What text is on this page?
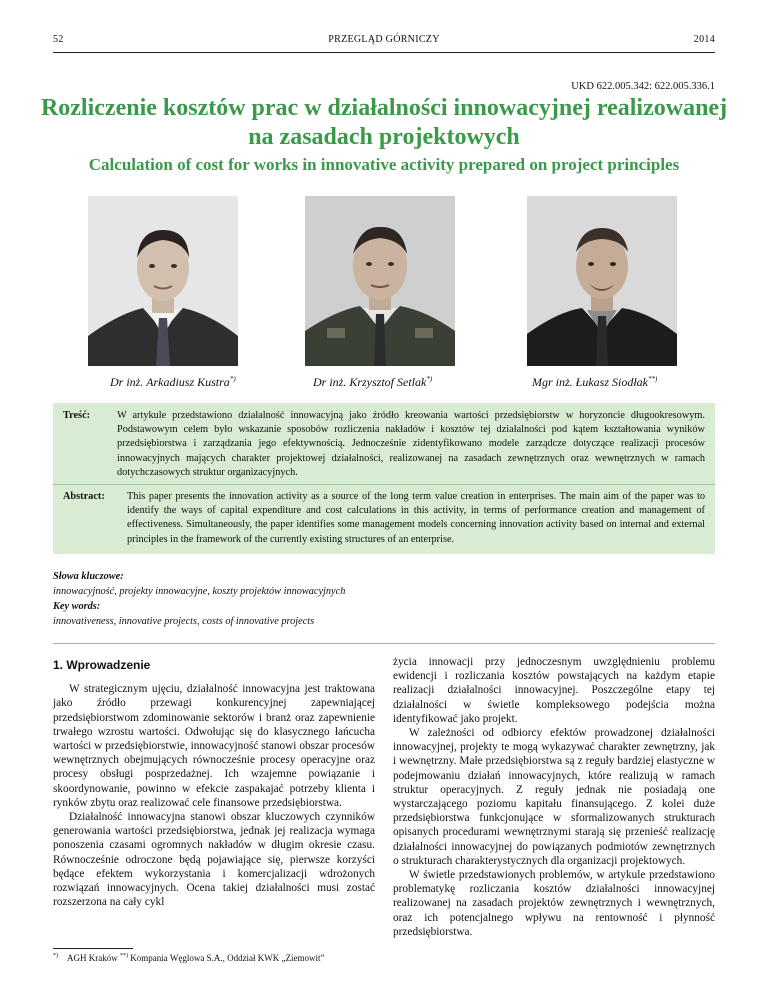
52	PRZEGLĄD GÓRNICZY	2014
UKD 622.005.342: 622.005.336.1
Rozliczenie kosztów prac w działalności innowacyjnej realizowanej na zasadach projektowych
Calculation of cost for works in innovative activity prepared on project principles
Dr inż. Arkadiusz Kustra*)	Dr inż. Krzysztof Setlak*)	Mgr inż. Łukasz Siodłak**)
Treść:	W artykule przedstawiono działalność innowacyjną jako źródło kreowania wartości przedsiębiorstw w horyzoncie długookresowym. Podstawowym celem było wskazanie sposobów rozliczenia nakładów i kosztów tej działalności pod kątem kształtowania wyników przedsiębiorstwa i zarządzania jego efektywnością. Jednocześnie zidentyfikowano modele zarządcze dotyczące realizacji procesów innowacyjnych mających charakter projektowej działalności, realizowanej na zasadach zewnętrznych oraz wewnętrznych w ramach dotychczasowych struktur organizacyjnych.
Abstract: This paper presents the innovation activity as a source of the long term value creation in enterprises. The main aim of the paper was to identify the ways of capital expenditure and cost calculations in this activity, in terms of performance creation and management of effectiveness. Simultaneously, the paper identifies some management models concerning innovation activity based on internal and external principles in the framework of the currently existing structures of an enterprise.
Słowa kluczowe:
innowacyjność, projekty innowacyjne, koszty projektów innowacyjnych
Key words:
innovativeness, innovative projects, costs of innovative projects
1. Wprowadzenie

W strategicznym ujęciu, działalność innowacyjna jest traktowana jako źródło przewagi konkurencyjnej zapewniającej przedsiębiorstwom zdominowanie sektorów i branż oraz zapewnienie trwałego wzrostu wartości. Odwołując się do klasycznego łańcucha wartości w przedsiębiorstwie, innowacyjność stanowi obszar procesów wewnętrznych obejmujących równocześnie procesy operacyjne oraz procesy obsługi posprzedażnej. Ich wzajemne powiązanie i skoordynowanie, powinno w efekcie zaspakajać potrzeby klienta i rynków zbytu oraz realizować cele finansowe przedsiębiorstwa.

Działalność innowacyjna stanowi obszar kluczowych czynników generowania wartości przedsiębiorstwa, jednak jej realizacja wymaga ponoszenia czasami ogromnych nakładów w długim okresie czasu. Równocześnie odroczone będą pojawiające się, pierwsze korzyści będące efektem wykorzystania i komercjalizacji wdrożonych rozwiązań innowacyjnych. Ocena takiej działalności musi zostać rozszerzona na cały cykl

życia innowacji przy jednoczesnym uwzględnieniu problemu ewidencji i rozliczania kosztów powstających na każdym etapie realizacji działalności innowacyjnej. Poszczególne etapy tej działalności w świetle kompleksowego podejścia można identyfikować jako projekt.

W zależności od odbiorcy efektów prowadzonej działalności innowacyjnej, projekty te mogą wykazywać charakter zewnętrzny, jak i wewnętrzny. Małe przedsiębiorstwa są z reguły bardziej elastyczne w podejmowaniu działań innowacyjnych, które realizują w ramach struktur operacyjnych. Z reguły jednak nie posiadają one wystarczającego poziomu kapitału finansującego. Z kolei duże przedsiębiorstwa funkcjonujące w sformalizowanych strukturach opisanych procedurami wewnętrznymi starają się przenieść realizację działalności innowacyjnej do powiązanych podmiotów zewnętrznych o strukturach charakterystycznych dla organizacji projektowych.

W świetle przedstawionych problemów, w artykule przedstawiono problematykę rozliczania kosztów działalności innowacyjnej realizowanej na zasadach projektów zewnętrznych i wewnętrznych, oraz ich potencjalnego wpływu na rentowność i płynność przedsiębiorstwa.

*) AGH Kraków **) Kompania Węglowa S.A., Oddział KWK „Ziemowit”
